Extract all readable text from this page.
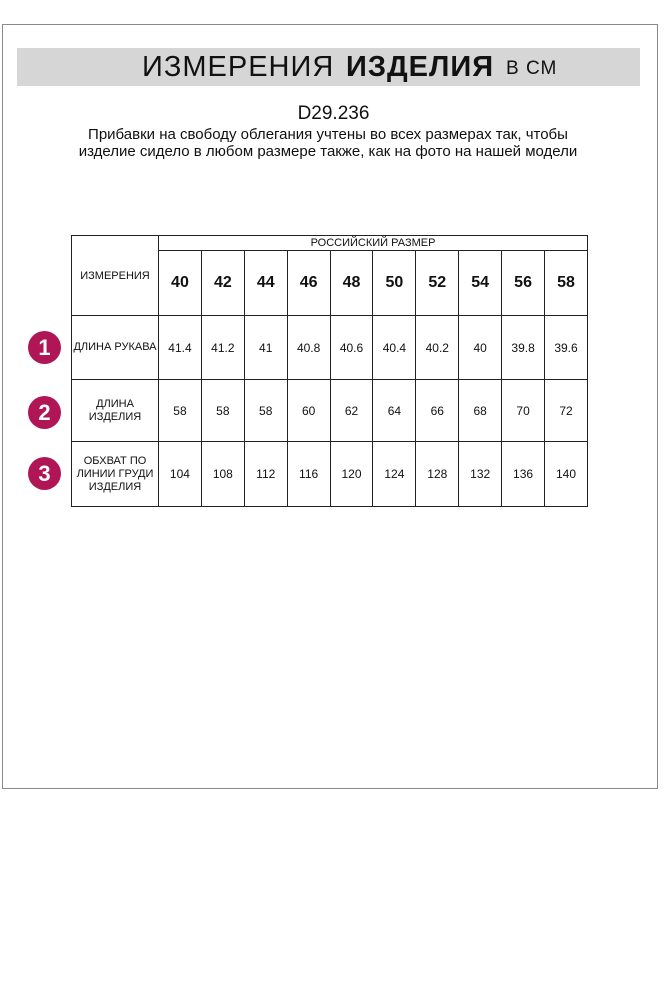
ИЗМЕРЕНИЯ ИЗДЕЛИЯ В СМ
D29.236
Прибавки на свободу облегания учтены во всех размерах так, чтобы изделие сидело в любом размере также, как на фото на нашей модели
1
2
3
ИЗМЕРЕНИЯ	РОССИЙСКИЙ РАЗМЕР									
	40	42	44	46	48	50	52	54	56	58
ДЛИНА РУКАВА	41.4	41.2	41	40.8	40.6	40.4	40.2	40	39.8	39.6
ДЛИНА ИЗДЕЛИЯ	58	58	58	60	62	64	66	68	70	72
ОБХВАТ ПО ЛИНИИ ГРУДИ ИЗДЕЛИЯ	104	108	112	116	120	124	128	132	136	140
